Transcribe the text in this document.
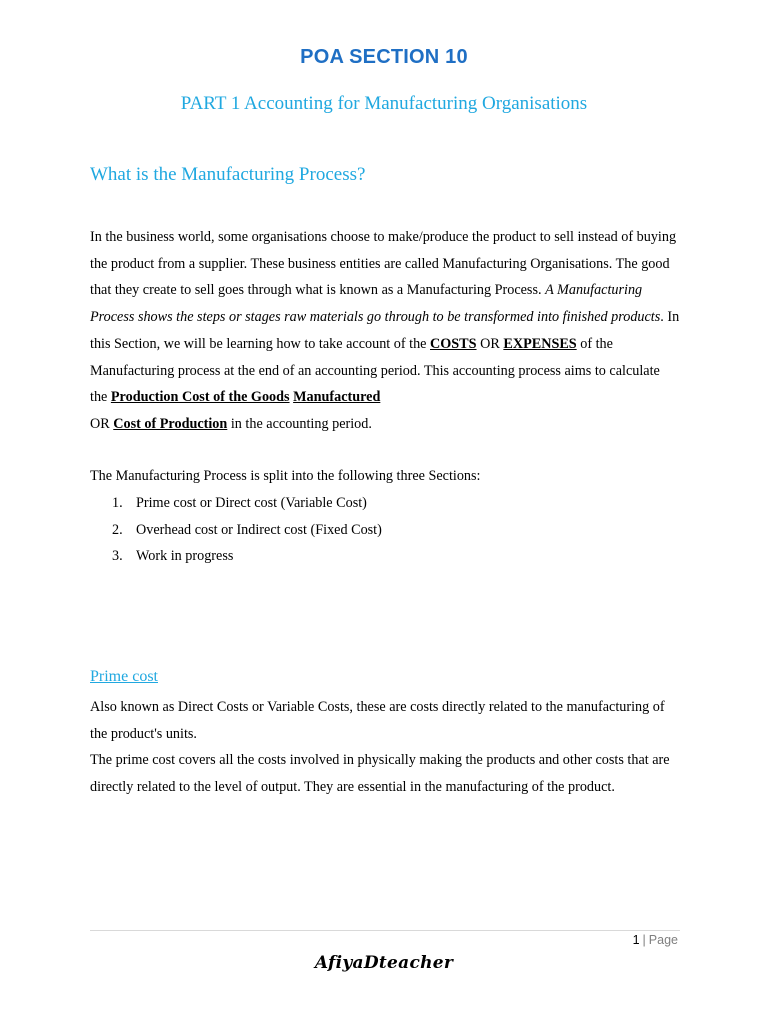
POA SECTION 10
PART 1 Accounting for Manufacturing Organisations
What is the Manufacturing Process?

In the business world, some organisations choose to make/produce the product to sell instead of buying the product from a supplier. These business entities are called Manufacturing Organisations. The good that they create to sell goes through what is known as a Manufacturing Process. A Manufacturing Process shows the steps or stages raw materials go through to be transformed into finished products. In this Section, we will be learning how to take account of the COSTS OR EXPENSES of the Manufacturing process at the end of an accounting period. This accounting process aims to calculate the Production Cost of the Goods Manufactured
OR Cost of Production in the accounting period.

The Manufacturing Process is split into the following three Sections:

1. Prime cost or Direct cost (Variable Cost)
2. Overhead cost or Indirect cost (Fixed Cost)
3. Work in progress
Prime cost
Also known as Direct Costs or Variable Costs, these are costs directly related to the manufacturing of the product's units.
The prime cost covers all the costs involved in physically making the products and other costs that are directly related to the level of output. They are essential in the manufacturing of the product.
1 | Page
AfiyaDteacher
